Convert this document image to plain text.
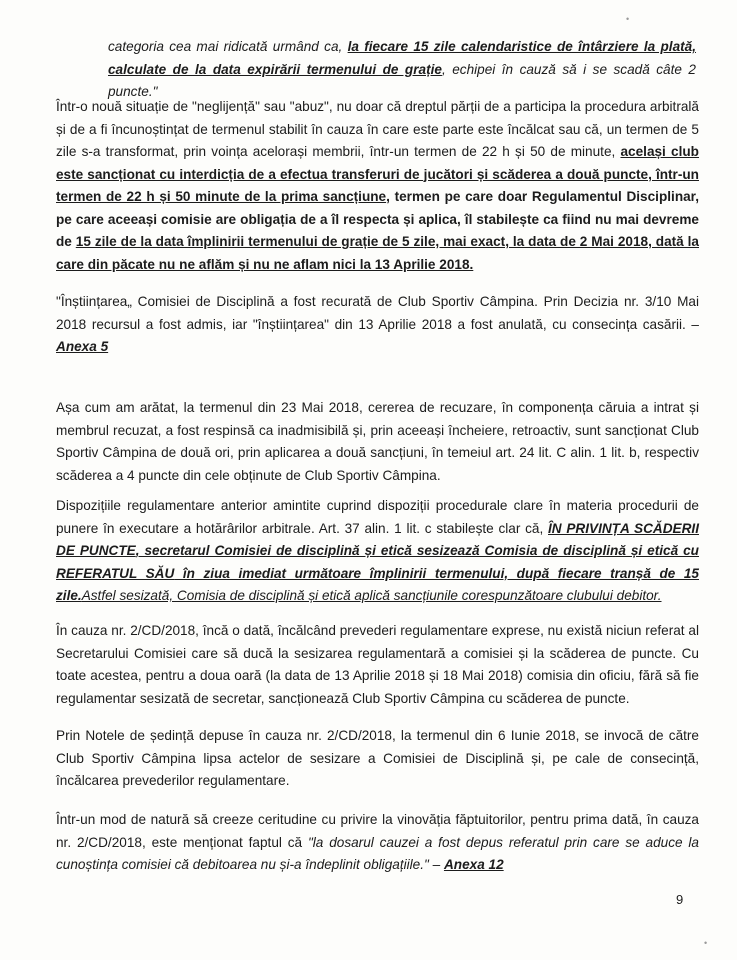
•

categoria cea mai ridicată urmând ca, la fiecare 15 zile calendaristice de întârziere la plată, calculate de la data expirării termenului de grație, echipei în cauză să i se scadă câte 2 puncte."

Într-o nouă situație de "neglijență" sau "abuz", nu doar că dreptul părții de a participa la procedura arbitrală și de a fi încunoștințat de termenul stabilit în cauza în care este parte este încălcat sau că, un termen de 5 zile s-a transformat, prin voința acelorași membrii, într-un termen de 22 h și 50 de minute, același club este sancționat cu interdicția de a efectua transferuri de jucători și scăderea a două puncte, într-un termen de 22 h și 50 minute de la prima sancțiune, termen pe care doar Regulamentul Disciplinar, pe care aceeași comisie are obligația de a îl respecta și aplica, îl stabilește ca fiind nu mai devreme de 15 zile de la data împlinirii termenului de grație de 5 zile, mai exact, la data de 2 Mai 2018, dată la care din păcate nu ne aflăm și nu ne aflam nici la 13 Aprilie 2018.

"Înștiințarea„ Comisiei de Disciplină a fost recurată de Club Sportiv Câmpina. Prin Decizia nr. 3/10 Mai 2018 recursul a fost admis, iar "înștiințarea" din 13 Aprilie 2018 a fost anulată, cu consecința casării. – Anexa 5

Așa cum am arătat, la termenul din 23 Mai 2018, cererea de recuzare, în componența căruia a intrat și membrul recuzat, a fost respinsă ca inadmisibilă și, prin aceeași încheiere, retroactiv, sunt sancționat Club Sportiv Câmpina de două ori, prin aplicarea a două sancțiuni, în temeiul art. 24 lit. C alin. 1 lit. b, respectiv scăderea a 4 puncte din cele obținute de Club Sportiv Câmpina.

Dispozițiile regulamentare anterior amintite cuprind dispoziții procedurale clare în materia procedurii de punere în executare a hotărârilor arbitrale. Art. 37 alin. 1 lit. c stabilește clar că, ÎN PRIVINȚA SCĂDERII DE PUNCTE, secretarul Comisiei de disciplină și etică sesizează Comisia de disciplină și etică cu REFERATUL SĂU în ziua imediat următoare împlinirii termenului, după fiecare tranșă de 15 zile.Astfel sesizată, Comisia de disciplină și etică aplică sancțiunile corespunzătoare clubului debitor.

În cauza nr. 2/CD/2018, încă o dată, încălcând prevederi regulamentare exprese, nu există niciun referat al Secretarului Comisiei care să ducă la sesizarea regulamentară a comisiei și la scăderea de puncte. Cu toate acestea, pentru a doua oară (la data de 13 Aprilie 2018 și 18 Mai 2018) comisia din oficiu, fără să fie regulamentar sesizată de secretar, sancționează Club Sportiv Câmpina cu scăderea de puncte.

Prin Notele de ședință depuse în cauza nr. 2/CD/2018, la termenul din 6 Iunie 2018, se invocă de către Club Sportiv Câmpina lipsa actelor de sesizare a Comisiei de Disciplină și, pe cale de consecință, încălcarea prevederilor regulamentare.

Într-un mod de natură să creeze ceritudine cu privire la vinovăția făptuitorilor, pentru prima dată, în cauza nr. 2/CD/2018, este menționat faptul că "la dosarul cauzei a fost depus referatul prin care se aduce la cunoștința comisiei că debitoarea nu și-a îndeplinit obligațiile." – Anexa 12

9
•
